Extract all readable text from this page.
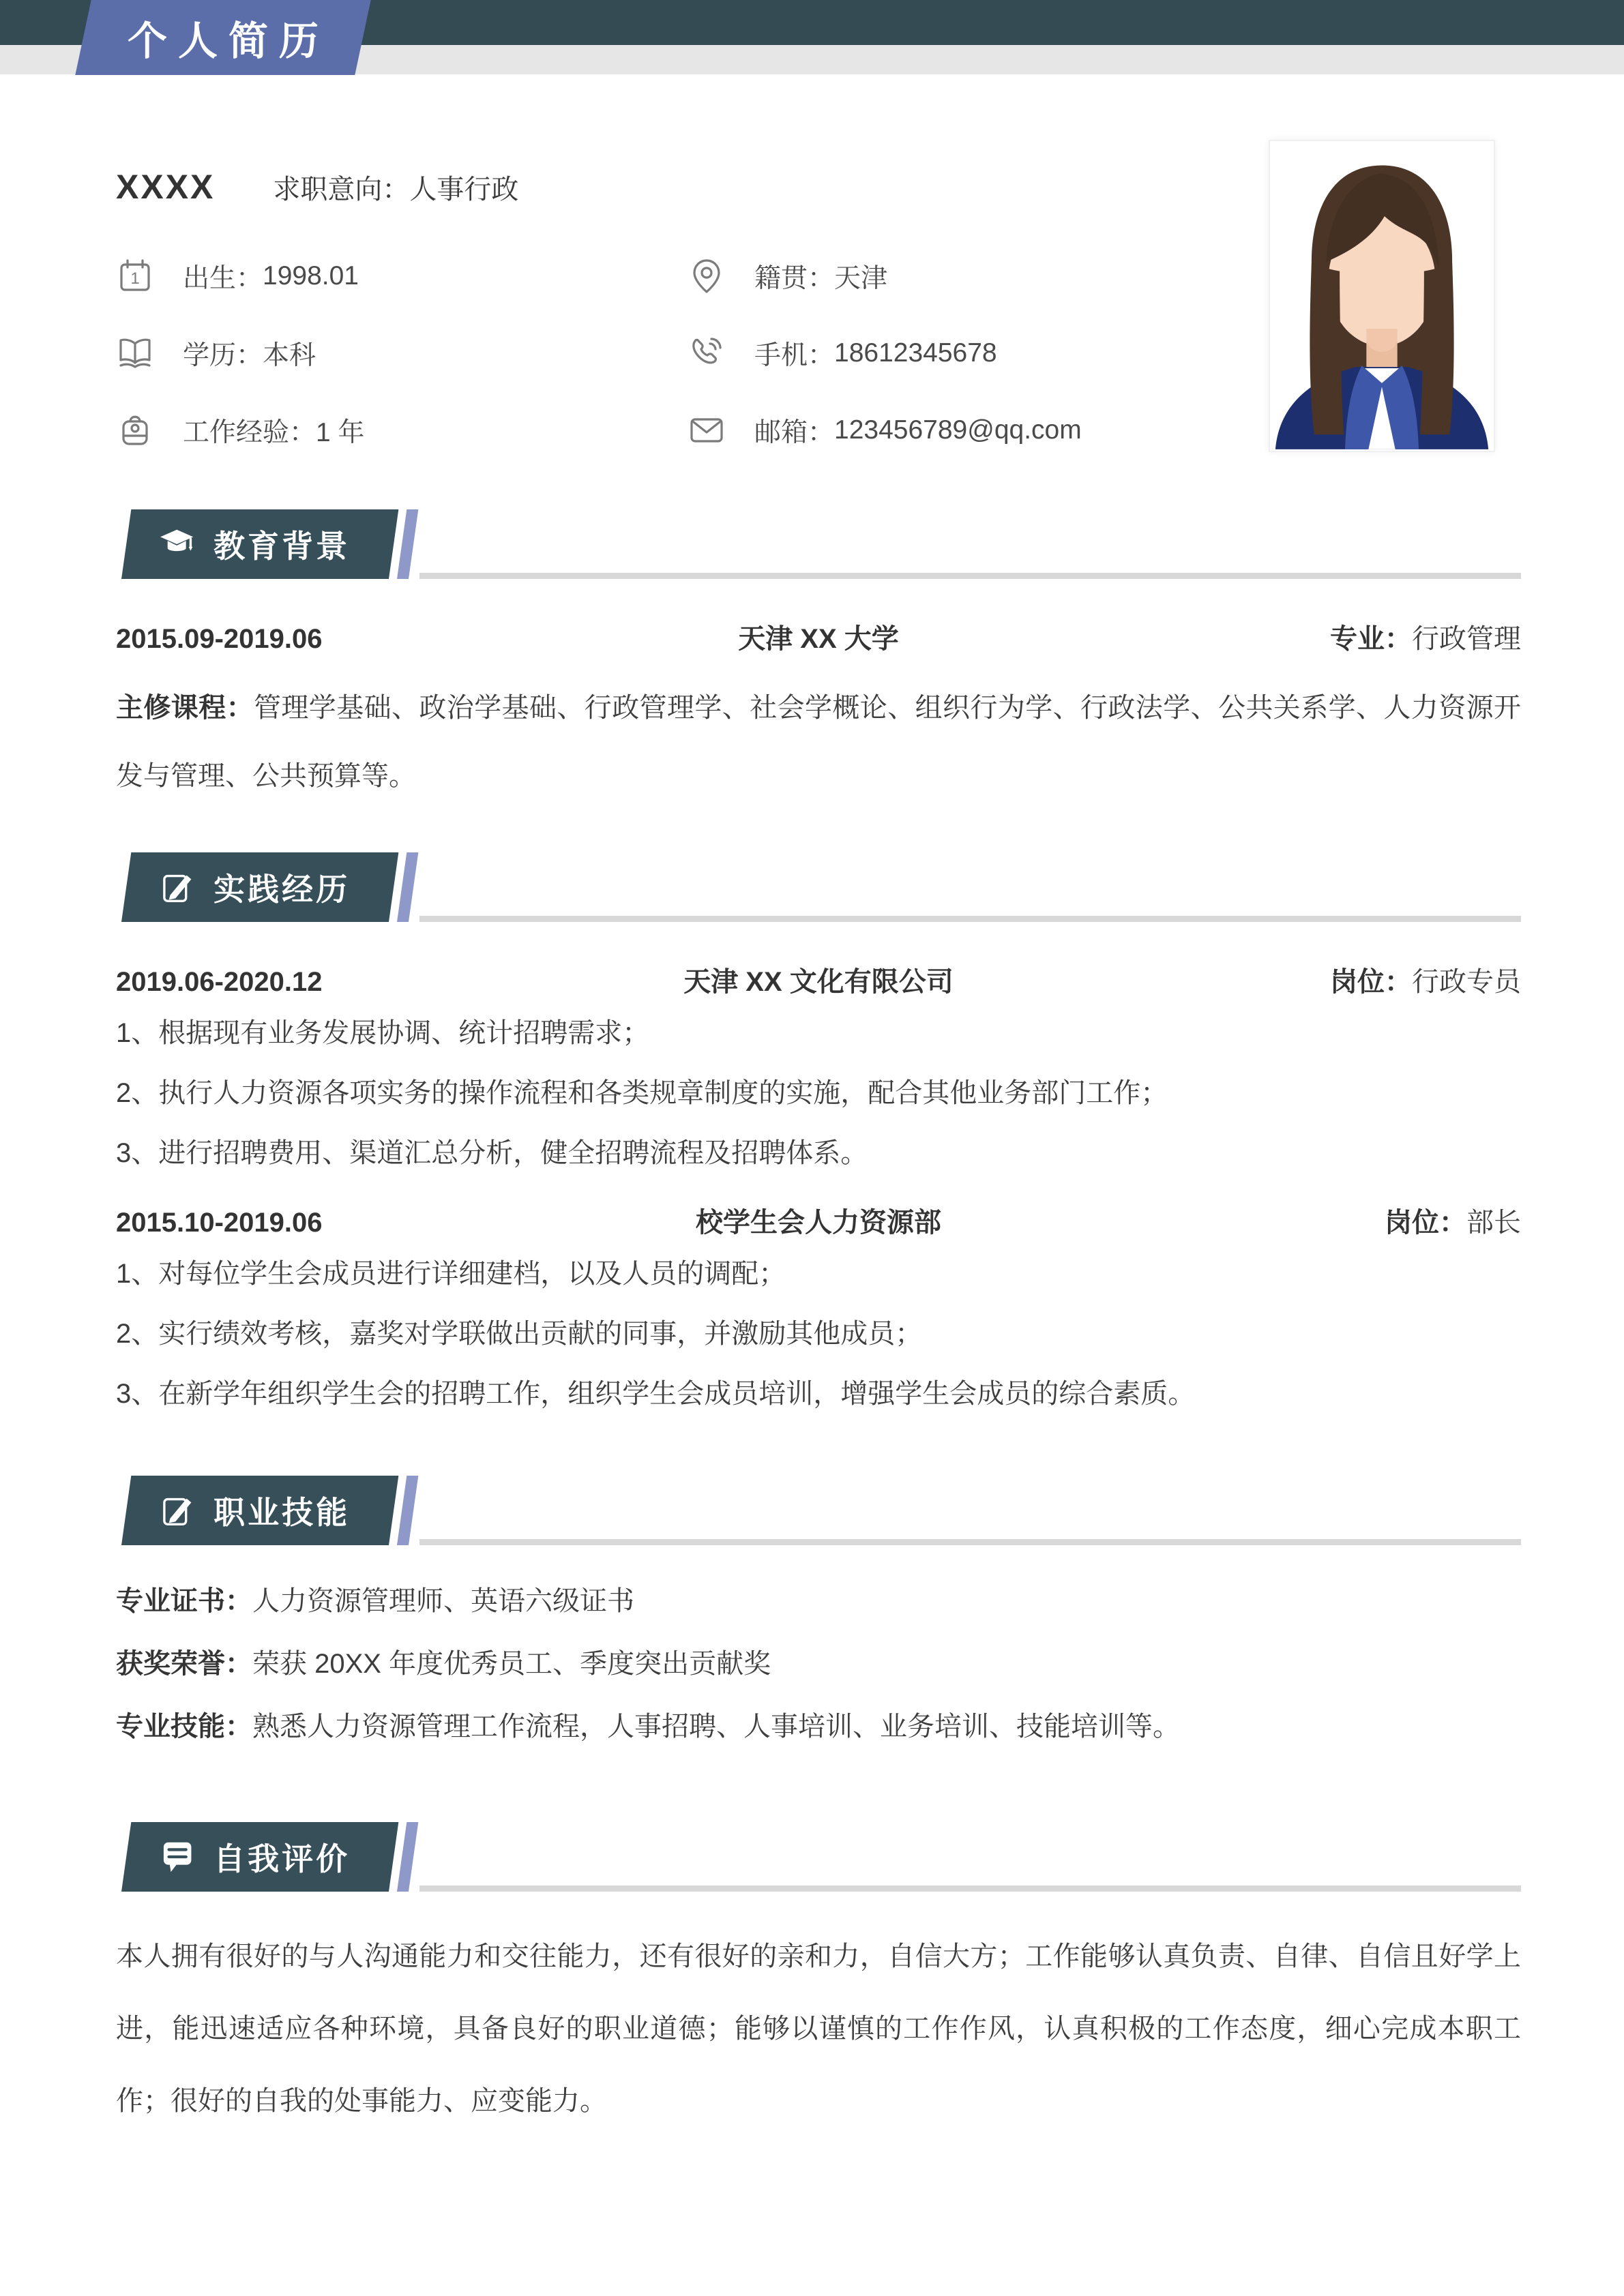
个人简历
XXXX 求职意向：人事行政
1 出生： 1998.01
学历： 本科
工作经验： 1 年
籍贯： 天津
手机： 18612345678
邮箱： 123456789@qq.com
教育背景
2015.09-2019.06	天津 XX 大学	专业：行政管理

主修课程：管理学基础、政治学基础、行政管理学、社会学概论、组织行为学、行政法学、公共关系学、人力资源开发与管理、公共预算等。

实践经历
2019.06-2020.12	天津 XX 文化有限公司	岗位：行政专员
1、根据现有业务发展协调、统计招聘需求；
2、执行人力资源各项实务的操作流程和各类规章制度的实施，配合其他业务部门工作；
3、进行招聘费用、渠道汇总分析，健全招聘流程及招聘体系。
2015.10-2019.06	校学生会人力资源部	岗位：部长
1、对每位学生会成员进行详细建档，以及人员的调配；
2、实行绩效考核，嘉奖对学联做出贡献的同事，并激励其他成员；
3、在新学年组织学生会的招聘工作，组织学生会成员培训，增强学生会成员的综合素质。
职业技能
专业证书：人力资源管理师、英语六级证书
获奖荣誉：荣获 20XX 年度优秀员工、季度突出贡献奖
专业技能：熟悉人力资源管理工作流程，人事招聘、人事培训、业务培训、技能培训等。
自我评价

本人拥有很好的与人沟通能力和交往能力，还有很好的亲和力，自信大方；工作能够认真负责、自律、自信且好学上进，能迅速适应各种环境，具备良好的职业道德；能够以谨慎的工作作风，认真积极的工作态度，细心完成本职工作；很好的自我的处事能力、应变能力。
